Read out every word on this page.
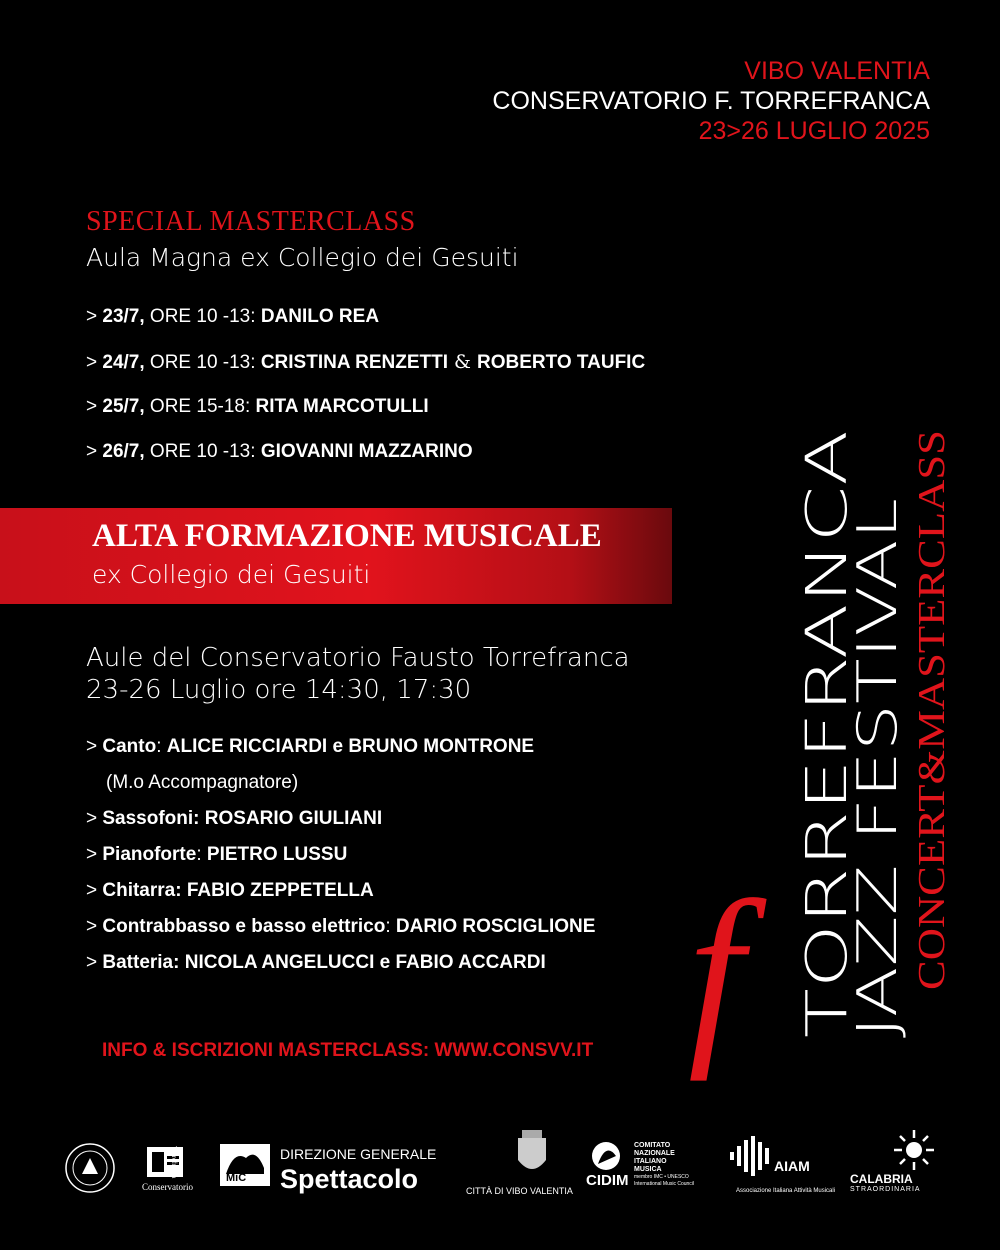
VIBO VALENTIA
CONSERVATORIO F. TORREFRANCA
23>26 LUGLIO 2025
SPECIAL MASTERCLASS
Aula Magna ex Collegio dei Gesuiti
> 23/7, ORE 10 -13: DANILO REA
> 24/7, ORE 10 -13: CRISTINA RENZETTI & ROBERTO TAUFIC
> 25/7, ORE 15-18: RITA MARCOTULLI
> 26/7, ORE 10 -13: GIOVANNI MAZZARINO
ALTA FORMAZIONE MUSICALE
ex Collegio dei Gesuiti
Aule del Conservatorio Fausto Torrefranca
23-26 Luglio ore 14:30, 17:30
> Canto: ALICE RICCIARDI e BRUNO MONTRONE
(M.o Accompagnatore)
> Sassofoni: ROSARIO GIULIANI
> Pianoforte: PIETRO LUSSU
> Chitarra: FABIO ZEPPETELLA
> Contrabbasso e basso elettrico: DARIO ROSCIGLIONE
> Batteria: NICOLA ANGELUCCI e FABIO ACCARDI
INFO & ISCRIZIONI MASTERCLASS: WWW.CONSVV.IT f TORREFRANCA
JAZZ FESTIVAL CONCERT&MASTERCLASS
Conservatorio
Torrefranca	MiC
DIREZIONE GENERALE
Spettacolo	CITTÀ DI VIBO VALENTIA
CIDIM
COMITATO
NAZIONALE
ITALIANO
MUSICA
membro IMC • UNESCO
International Music Council
AIAM
Associazione Italiana Attività Musicali
CALABRIA
STRAORDINARIA
